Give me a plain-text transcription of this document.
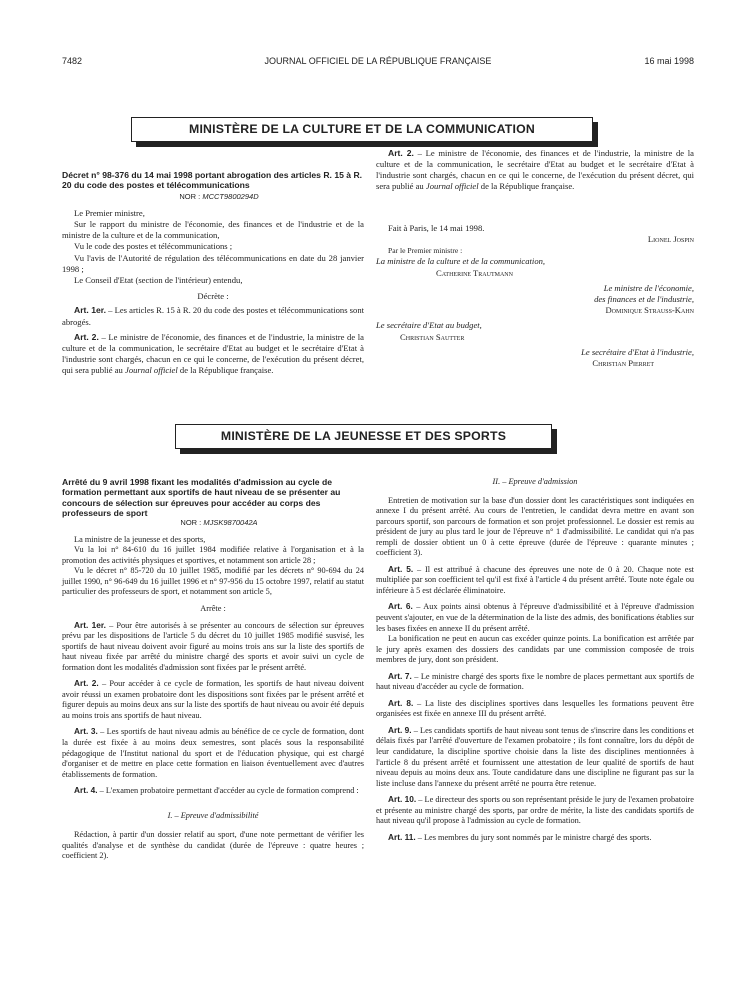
7482	JOURNAL OFFICIEL DE LA RÉPUBLIQUE FRANÇAISE	16 mai 1998
MINISTÈRE DE LA CULTURE ET DE LA COMMUNICATION
Décret n° 98-376 du 14 mai 1998 portant abrogation des articles R. 15 à R. 20 du code des postes et télécommunications

NOR : MCCT9800294D

Le Premier ministre,

Sur le rapport du ministre de l'économie, des finances et de l'industrie et de la ministre de la culture et de la communication,

Vu le code des postes et télécommunications ;

Vu l'avis de l'Autorité de régulation des télécommunications en date du 28 janvier 1998 ;

Le Conseil d'Etat (section de l'intérieur) entendu,

Décrète :

Art. 1er. – Les articles R. 15 à R. 20 du code des postes et télécommunications sont abrogés.

Art. 2. – Le ministre de l'économie, des finances et de l'industrie, la ministre de la culture et de la communication, le secrétaire d'Etat au budget et le secrétaire d'Etat à l'industrie sont chargés, chacun en ce qui le concerne, de l'exécution du présent décret, qui sera publié au Journal officiel de la République française.

Art. 2. – Le ministre de l'économie, des finances et de l'industrie, la ministre de la culture et de la communication, le secrétaire d'Etat au budget et le secrétaire d'Etat à l'industrie sont chargés, chacun en ce qui le concerne, de l'exécution du présent décret, qui sera publié au Journal officiel de la République française.

Fait à Paris, le 14 mai 1998.

Lionel Jospin

Par le Premier ministre :

La ministre de la culture et de la communication,

Catherine Trautmann

Le ministre de l'économie,

des finances et de l'industrie,

Dominique Strauss-Kahn

Le secrétaire d'Etat au budget,

Christian Sautter

Le secrétaire d'Etat à l'industrie,

Christian Pierret

MINISTÈRE DE LA JEUNESSE ET DES SPORTS
Arrêté du 9 avril 1998 fixant les modalités d'admission au cycle de formation permettant aux sportifs de haut niveau de se présenter au concours de sélection sur épreuves pour accéder au corps des professeurs de sport

NOR : MJSK9870042A

La ministre de la jeunesse et des sports,

Vu la loi n° 84-610 du 16 juillet 1984 modifiée relative à l'organisation et à la promotion des activités physiques et sportives, et notamment son article 28 ;

Vu le décret n° 85-720 du 10 juillet 1985, modifié par les décrets n° 90-694 du 24 juillet 1990, n° 96-649 du 16 juillet 1996 et n° 97-956 du 15 octobre 1997, relatif au statut particulier des professeurs de sport, et notamment son article 5,

Arrête :

Art. 1er. – Pour être autorisés à se présenter au concours de sélection sur épreuves prévu par les dispositions de l'article 5 du décret du 10 juillet 1985 modifié susvisé, les sportifs de haut niveau doivent avoir figuré au moins trois ans sur la liste des sportifs de haut niveau fixée par arrêté du ministre chargé des sports et avoir suivi un cycle de formation dont les modalités d'admission sont fixées par le présent arrêté.

Art. 2. – Pour accéder à ce cycle de formation, les sportifs de haut niveau doivent avoir réussi un examen probatoire dont les dispositions sont fixées par le présent arrêté et figurer depuis au moins deux ans sur la liste des sportifs de haut niveau ou avoir été depuis au moins trois ans sportifs de haut niveau.

Art. 3. – Les sportifs de haut niveau admis au bénéfice de ce cycle de formation, dont la durée est fixée à au moins deux semestres, sont placés sous la responsabilité pédagogique de l'Institut national du sport et de l'éducation physique, qui est chargé d'organiser et de mettre en place cette formation en liaison éventuellement avec d'autres établissements de formation.

Art. 4. – L'examen probatoire permettant d'accéder au cycle de formation comprend :

I. – Epreuve d'admissibilité

Rédaction, à partir d'un dossier relatif au sport, d'une note permettant de vérifier les qualités d'analyse et de synthèse du candidat (durée de l'épreuve : quatre heures ; coefficient 2).

II. – Epreuve d'admission

Entretien de motivation sur la base d'un dossier dont les caractéristiques sont indiquées en annexe I du présent arrêté. Au cours de l'entretien, le candidat devra mettre en avant son parcours sportif, son parcours de formation et son projet professionnel. Le dossier est remis au président de jury au plus tard le jour de l'épreuve n° 1 d'admissibilité. Le candidat qui n'a pas rempli de dossier obtient un 0 à cette épreuve (durée de l'épreuve : quarante minutes ; coefficient 3).

Art. 5. – Il est attribué à chacune des épreuves une note de 0 à 20. Chaque note est multipliée par son coefficient tel qu'il est fixé à l'article 4 du présent arrêté. Toute note égale ou inférieure à 5 est déclarée éliminatoire.

Art. 6. – Aux points ainsi obtenus à l'épreuve d'admissibilité et à l'épreuve d'admission peuvent s'ajouter, en vue de la détermination de la liste des admis, des bonifications établies sur les bases fixées en annexe II du présent arrêté.

La bonification ne peut en aucun cas excéder quinze points. La bonification est arrêtée par le jury après examen des dossiers des candidats par une commission composée de trois membres de jury, dont son président.

Art. 7. – Le ministre chargé des sports fixe le nombre de places permettant aux sportifs de haut niveau d'accéder au cycle de formation.

Art. 8. – La liste des disciplines sportives dans lesquelles les formations peuvent être organisées est fixée en annexe III du présent arrêté.

Art. 9. – Les candidats sportifs de haut niveau sont tenus de s'inscrire dans les conditions et délais fixés par l'arrêté d'ouverture de l'examen probatoire ; ils font connaître, lors du dépôt de leur candidature, la discipline sportive choisie dans la liste des disciplines mentionnées à l'article 8 du présent arrêté et fournissent une attestation de leur qualité de sportifs de haut niveau depuis au moins deux ans. Toute candidature dans une discipline ne figurant pas sur la liste incluse dans l'annexe du présent arrêté ne pourra être retenue.

Art. 10. – Le directeur des sports ou son représentant préside le jury de l'examen probatoire et présente au ministre chargé des sports, par ordre de mérite, la liste des candidats sportifs de haut niveau qu'il propose à l'admission au cycle de formation.

Art. 11. – Les membres du jury sont nommés par le ministre chargé des sports.
